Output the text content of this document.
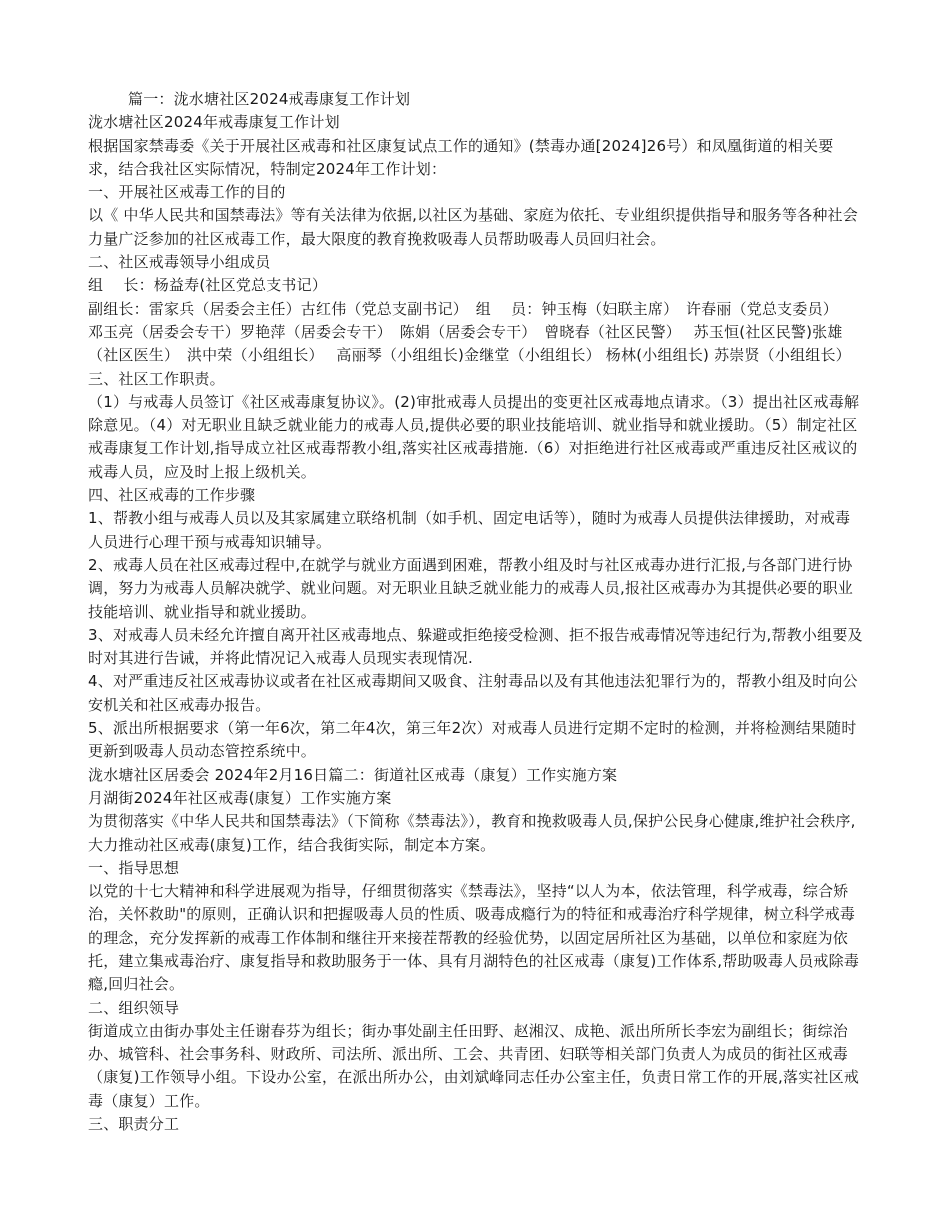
篇一：泷水塘社区2024戒毒康复工作计划

泷水塘社区2024年戒毒康复工作计划

根据国家禁毒委《关于开展社区戒毒和社区康复试点工作的通知》(禁毒办通[2024]26号）和凤凰街道的相关要求，结合我社区实际情况，特制定2024年工作计划：

一、开展社区戒毒工作的目的

以《 中华人民共和国禁毒法》等有关法律为依据,以社区为基础、家庭为依托、专业组织提供指导和服务等各种社会力量广泛参加的社区戒毒工作，最大限度的教育挽救吸毒人员帮助吸毒人员回归社会。

二、社区戒毒领导小组成员

组　 长：杨益寿(社区党总支书记）

副组长：雷家兵（居委会主任）古红伟（党总支副书记）　组　 员：钟玉梅（妇联主席）　许春丽（党总支委员）

邓玉亮（居委会专干）罗艳萍（居委会专干）　陈娟（居委会专干）　曾晓春（社区民警）　 苏玉恒(社区民警)张雄（社区医生）　洪中荣（小组组长）　 高丽琴（小组组长)金继堂（小组组长） 杨林(小组组长) 苏崇贤（小组组长）

三、社区工作职责。

（1）与戒毒人员签订《社区戒毒康复协议》。(2)审批戒毒人员提出的变更社区戒毒地点请求。（3）提出社区戒毒解除意见。（4）对无职业且缺乏就业能力的戒毒人员,提供必要的职业技能培训、就业指导和就业援助。（5）制定社区戒毒康复工作计划,指导成立社区戒毒帮教小组,落实社区戒毒措施.（6）对拒绝进行社区戒毒或严重违反社区戒议的戒毒人员，应及时上报上级机关。

四、社区戒毒的工作步骤

1、帮教小组与戒毒人员以及其家属建立联络机制（如手机、固定电话等），随时为戒毒人员提供法律援助，对戒毒人员进行心理干预与戒毒知识辅导。

2、戒毒人员在社区戒毒过程中,在就学与就业方面遇到困难，帮教小组及时与社区戒毒办进行汇报,与各部门进行协调，努力为戒毒人员解决就学、就业问题。对无职业且缺乏就业能力的戒毒人员,报社区戒毒办为其提供必要的职业技能培训、就业指导和就业援助。

3、对戒毒人员未经允许擅自离开社区戒毒地点、躲避或拒绝接受检测、拒不报告戒毒情况等违纪行为,帮教小组要及时对其进行告诫，并将此情况记入戒毒人员现实表现情况.

4、对严重违反社区戒毒协议或者在社区戒毒期间又吸食、注射毒品以及有其他违法犯罪行为的，帮教小组及时向公安机关和社区戒毒办报告。

5、派出所根据要求（第一年6次，第二年4次，第三年2次）对戒毒人员进行定期不定时的检测，并将检测结果随时更新到吸毒人员动态管控系统中。

泷水塘社区居委会 2024年2月16日篇二：街道社区戒毒（康复）工作实施方案

月湖街2024年社区戒毒(康复）工作实施方案

为贯彻落实《中华人民共和国禁毒法》（下简称《禁毒法》），教育和挽救吸毒人员,保护公民身心健康,维护社会秩序,大力推动社区戒毒(康复)工作，结合我街实际，制定本方案。

一、指导思想

以党的十七大精神和科学进展观为指导，仔细贯彻落实《禁毒法》，坚持“以人为本，依法管理，科学戒毒，综合矫治，关怀救助"的原则，正确认识和把握吸毒人员的性质、吸毒成瘾行为的特征和戒毒治疗科学规律，树立科学戒毒的理念，充分发挥新的戒毒工作体制和继往开来接茬帮教的经验优势，以固定居所社区为基础，以单位和家庭为依托，建立集戒毒治疗、康复指导和救助服务于一体、具有月湖特色的社区戒毒（康复)工作体系,帮助吸毒人员戒除毒瘾,回归社会。

二、组织领导

街道成立由街办事处主任谢春芬为组长；街办事处副主任田野、赵湘汉、成艳、派出所所长李宏为副组长；街综治办、城管科、社会事务科、财政所、司法所、派出所、工会、共青团、妇联等相关部门负责人为成员的街社区戒毒（康复)工作领导小组。下设办公室，在派出所办公，由刘斌峰同志任办公室主任，负责日常工作的开展,落实社区戒毒（康复）工作。

三、职责分工
